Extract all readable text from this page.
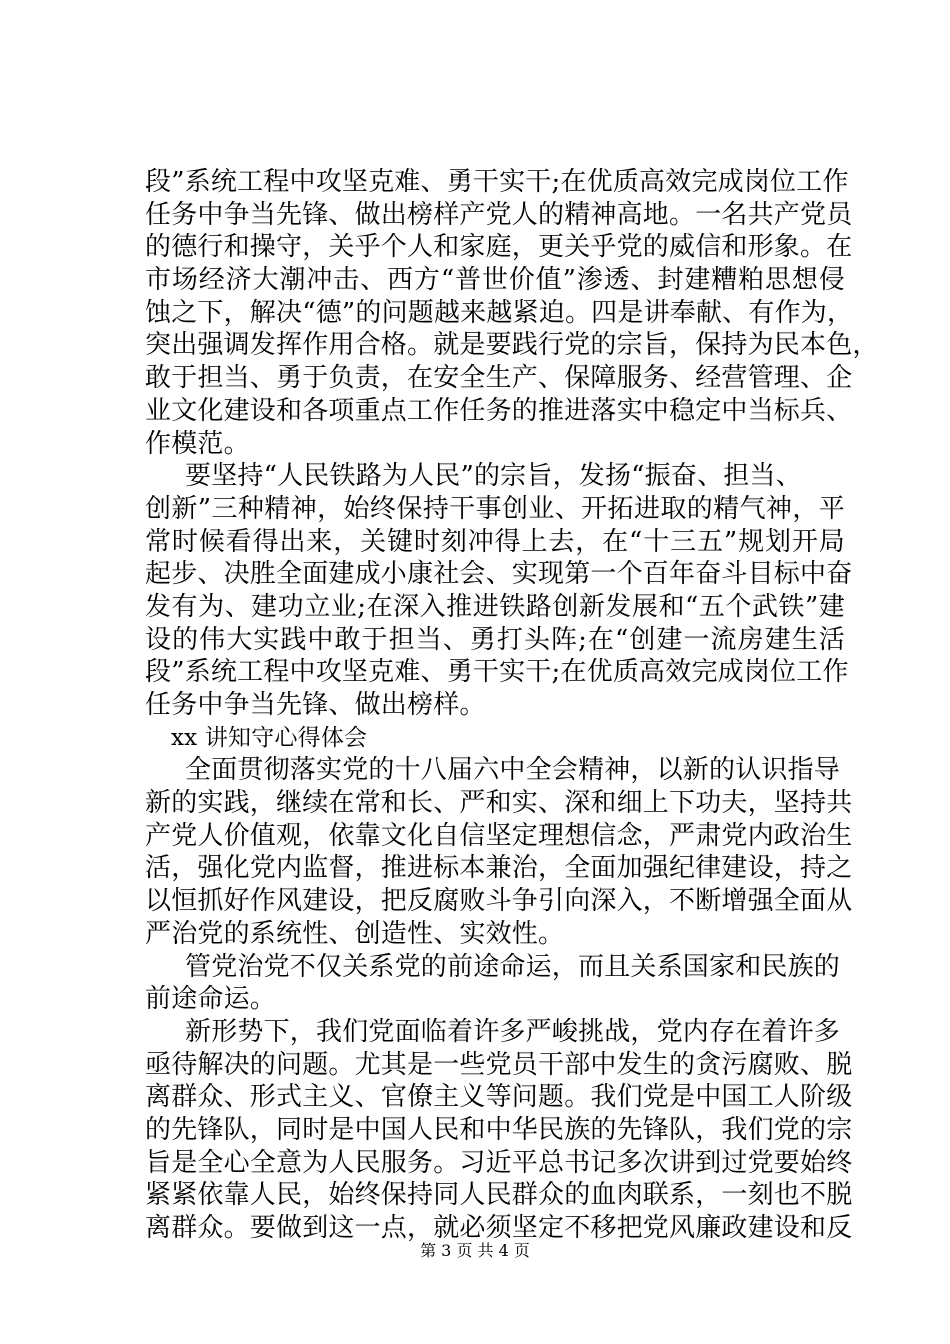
段”系统工程中攻坚克难、勇干实干;在优质高效完成岗位工作
任务中争当先锋、做出榜样产党人的精神高地。一名共产党员
的德行和操守，关乎个人和家庭，更关乎党的威信和形象。在
市场经济大潮冲击、西方“普世价值”渗透、封建糟粕思想侵
蚀之下，解决“德”的问题越来越紧迫。四是讲奉献、有作为，
突出强调发挥作用合格。就是要践行党的宗旨，保持为民本色，
敢于担当、勇于负责，在安全生产、保障服务、经营管理、企
业文化建设和各项重点工作任务的推进落实中稳定中当标兵、
作模范。
要坚持“人民铁路为人民”的宗旨，发扬“振奋、担当、
创新”三种精神，始终保持干事创业、开拓进取的精气神，平
常时候看得出来，关键时刻冲得上去，在“十三五”规划开局
起步、决胜全面建成小康社会、实现第一个百年奋斗目标中奋
发有为、建功立业;在深入推进铁路创新发展和“五个武铁”建
设的伟大实践中敢于担当、勇打头阵;在“创建一流房建生活
段”系统工程中攻坚克难、勇干实干;在优质高效完成岗位工作
任务中争当先锋、做出榜样。
xx 讲知守心得体会
全面贯彻落实党的十八届六中全会精神，以新的认识指导
新的实践，继续在常和长、严和实、深和细上下功夫，坚持共
产党人价值观，依靠文化自信坚定理想信念，严肃党内政治生
活，强化党内监督，推进标本兼治，全面加强纪律建设，持之
以恒抓好作风建设，把反腐败斗争引向深入，不断增强全面从
严治党的系统性、创造性、实效性。
管党治党不仅关系党的前途命运，而且关系国家和民族的
前途命运。
新形势下，我们党面临着许多严峻挑战，党内存在着许多
亟待解决的问题。尤其是一些党员干部中发生的贪污腐败、脱
离群众、形式主义、官僚主义等问题。我们党是中国工人阶级
的先锋队，同时是中国人民和中华民族的先锋队，我们党的宗
旨是全心全意为人民服务。习近平总书记多次讲到过党要始终
紧紧依靠人民，始终保持同人民群众的血肉联系，一刻也不脱
离群众。要做到这一点，就必须坚定不移把党风廉政建设和反
第 3 页 共 4 页
